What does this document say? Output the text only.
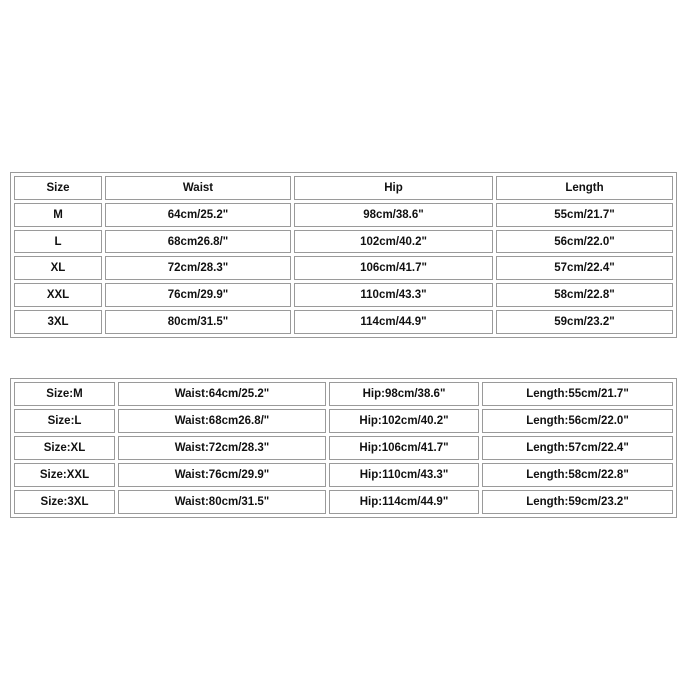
Size	Waist	Hip	Length
M	64cm/25.2"	98cm/38.6"	55cm/21.7"
L	68cm26.8/"	102cm/40.2"	56cm/22.0"
XL	72cm/28.3"	106cm/41.7"	57cm/22.4"
XXL	76cm/29.9"	110cm/43.3"	58cm/22.8"
3XL	80cm/31.5"	114cm/44.9"	59cm/23.2"
Size:M	Waist:64cm/25.2"	Hip:98cm/38.6"	Length:55cm/21.7"
Size:L	Waist:68cm26.8/"	Hip:102cm/40.2"	Length:56cm/22.0"
Size:XL	Waist:72cm/28.3"	Hip:106cm/41.7"	Length:57cm/22.4"
Size:XXL	Waist:76cm/29.9"	Hip:110cm/43.3"	Length:58cm/22.8"
Size:3XL	Waist:80cm/31.5"	Hip:114cm/44.9"	Length:59cm/23.2"
